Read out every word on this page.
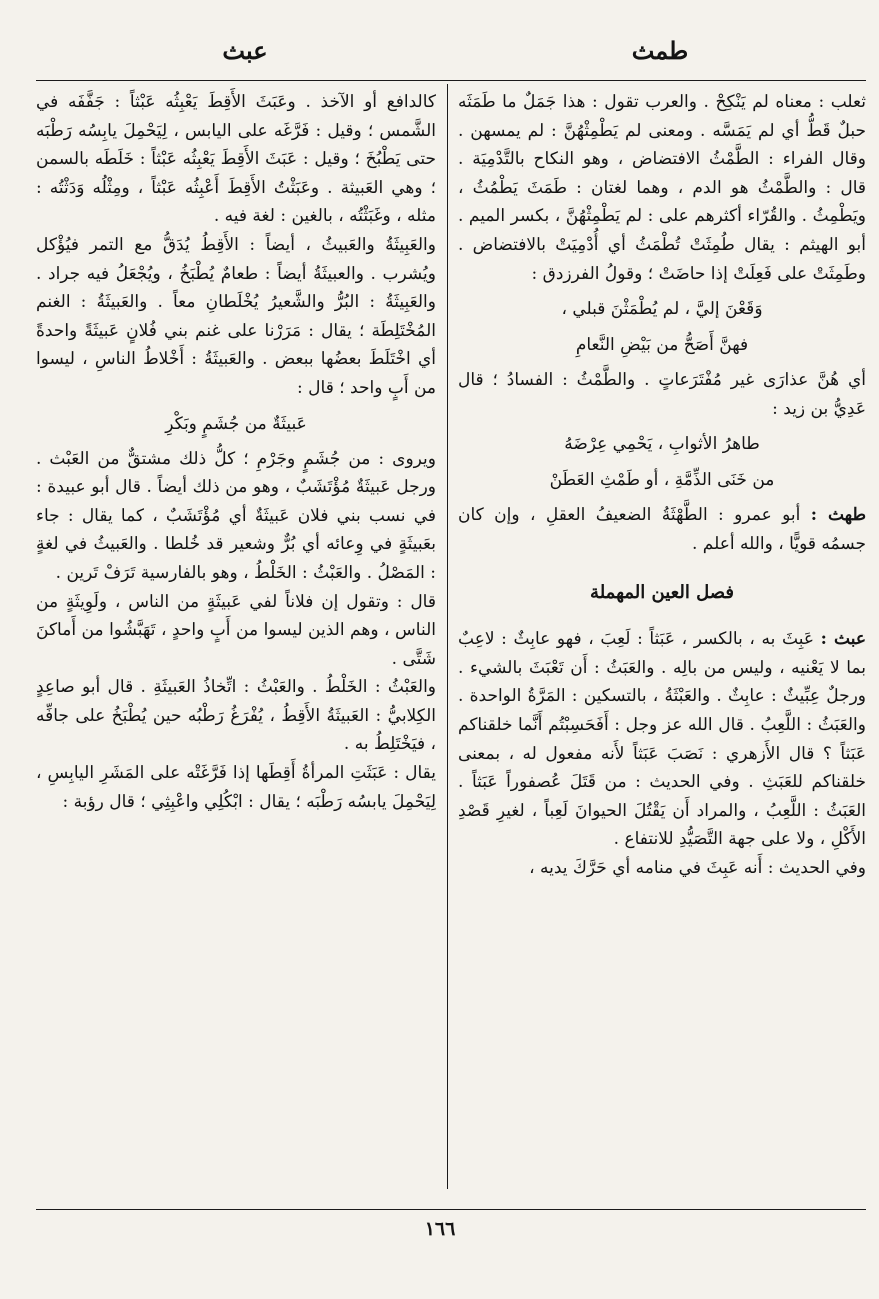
طمث
عبث

ثعلب : معناه لم يَنْكِحْ . والعرب تقول : هذا جَمَلٌ ما طَمَثَه حبلٌ قَطُّ أي لم يَمَسَّه . ومعنى لم يَطْمِثْهُنَّ : لم يمسهن . وقال الفراء : الطَّمْثُ الافتضاض ، وهو النكاح بالتَّدْمِيَة . قال : والطَّمْثُ هو الدم ، وهما لغتان : طَمَثَ يَطْمُثُ ، ويَطْمِثُ . والقُرّاء أكثرهم على : لم يَطْمِثْهُنَّ ، بكسر الميم . أبو الهيثم : يقال طُمِثَتْ تُطْمَثُ أي أُدْمِيَتْ بالافتضاض . وطَمِثَتْ على فَعِلَتْ إذا حاضَتْ ؛ وقولُ الفرزدق :

وَقَعْنَ إليَّ ، لم يُطْمَثْنَ قبلي ،

فهنَّ أَصَحُّ من بَيْضِ النَّعامِ

أي هُنَّ عذارَى غير مُفْتَرَعاتٍ . والطَّمْثُ : الفسادُ ؛ قال عَدِيُّ بن زيد :

طاهرُ الأثوابِ ، يَحْمِي عِرْضَهُ

من خَنَى الذِّمَّةِ ، أو طَمْثِ العَطَنْ

طهث : أبو عمرو : الطَّهْثَةُ الضعيفُ العقلِ ، وإن كان جسمُه قويًّا ، والله أعلم .

فصل العين المهملة

عبث : عَبِثَ به ، بالكسر ، عَبَثاً : لَعِبَ ، فهو عابِثٌ : لاعِبٌ بما لا يَعْنيه ، وليس من بالِه . والعَبَثُ : أَن تَعْبَثَ بالشيء . ورجلٌ عِبِّيثٌ : عابِثٌ . والعَبْثَةُ ، بالتسكين : المَرَّةُ الواحدة . والعَبَثُ : اللَّعِبُ . قال الله عز وجل : أَفَحَسِبْتُم أَنَّما خلقناكم عَبَثاً ؟ قال الأَزهري : نَصَبَ عَبَثاً لأَنه مفعول له ، بمعنى خلقناكم للعَبَثِ . وفي الحديث : من قَتَلَ عُصفوراً عَبَثاً . العَبَثُ : اللَّعِبُ ، والمراد أَن يَقْتُلَ الحيوانَ لَعِباً ، لغيرِ قَصْدِ الأَكْلِ ، ولا على جهة التَّصَيُّدِ للانتفاع .

وفي الحديث : أَنه عَبِثَ في منامه أي حَرَّكَ يديه ،

كالدافع أو الآخذ . وعَبَثَ الأَقِطَ يَعْبِثُه عَبْثاً : جَفَّفَه في الشَّمس ؛ وقيل : فَرَّغَه على اليابس ، لِيَحْمِلَ يابِسُه رَطْبَه حتى يَطْبُخَ ؛ وقيل : عَبَثَ الأَقِطَ يَعْبِثُه عَبْثاً : خَلَطَه بالسمن ؛ وهي العَبيثة . وعَبَثْتُ الأَقِطَ أَعْبِثُه عَبْثاً ، ومِثْلُه وَدَثْتُه : مثله ، وغَبَثْتُه ، بالغين : لغة فيه .

والعَبِيثَةُ والعَبيثُ ، أيضاً : الأَقِطُ يُدَقُّ مع التمر فيُؤْكل ويُشرب . والعبيثَةُ أيضاً : طعامٌ يُطْبَخُ ، ويُجْعَلُ فيه جراد . والعَبِيثَةُ : البُرُّ والشَّعيرُ يُخْلَطانِ معاً . والعَبيثَةُ : الغنم المُخْتَلِطَة ؛ يقال : مَرَرْنا على غنم بني فُلانٍ عَبيثَةً واحدةً أي اخْتَلَطَ بعضُها ببعض . والعَبيثَةُ : أَخْلاطُ الناسِ ، ليسوا من أَبٍ واحد ؛ قال :

عَبيثَةٌ من جُشَمٍ وبَكْرِ

ويروى : من جُشَمٍ وجَرْمِ ؛ كلُّ ذلك مشتقٌّ من العَبْث . ورجل عَبيثَةٌ مُؤْتَشَبٌ ، وهو من ذلك أيضاً . قال أبو عبيدة : في نسب بني فلان عَبيثَةٌ أي مُؤْتَشَبٌ ، كما يقال : جاء بعَبيثَةٍ في وِعائه أي بُرٌّ وشعير قد خُلطا . والعَبيثُ في لغةٍ : المَصْلُ . والعَبْثُ : الخَلْطُ ، وهو بالفارسية تَرَفْ تَرين .

قال : وتقول إن فلاناً لفي عَبيثَةٍ من الناس ، ولَوِيثَةٍ من الناس ، وهم الذين ليسوا من أَبٍ واحدٍ ، تَهَبَّشُوا من أَماكنَ شَتَّى .

والعَبْثُ : الخَلْطُ . والعَبْثُ : اتِّخاذُ العَبيثَةِ . قال أبو صاعِدٍ الكِلابيُّ : العَبيثَةُ الأَقِطُ ، يُفْرَغُ رَطْبُه حين يُطْبَخُ على جافِّه ، فيَخْتَلِطُ به .

يقال : عَبَثَتِ المرأةُ أَقِطَها إذا فَرَّغَتْه على المَشَرِ اليابِسِ ، لِيَحْمِلَ يابسُه رَطْبَه ؛ يقال : ابْكُلِي واعْبِثِي ؛ قال رؤبة :

١٦٦
